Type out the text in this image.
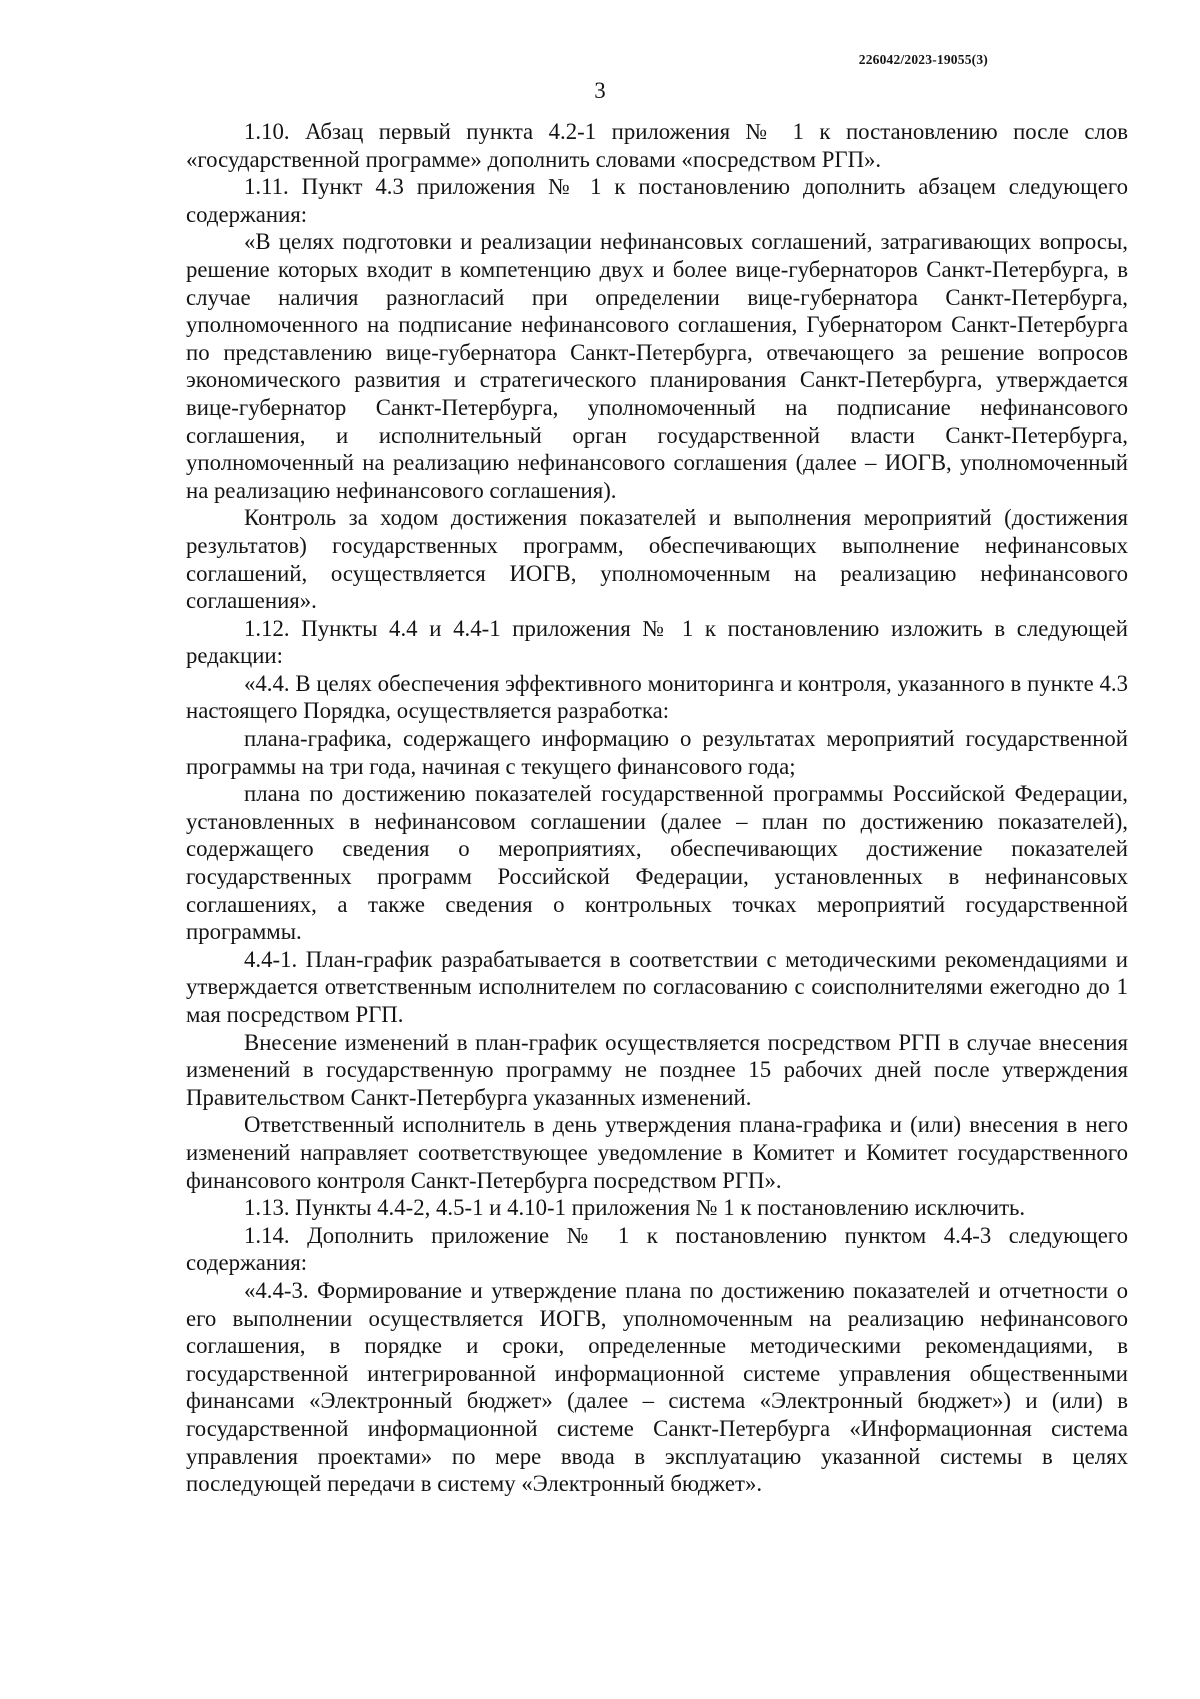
226042/2023-19055(3)
3

1.10. Абзац первый пункта 4.2-1 приложения № 1 к постановлению после слов «государственной программе» дополнить словами «посредством РГП».

1.11. Пункт 4.3 приложения № 1 к постановлению дополнить абзацем следующего содержания:

«В целях подготовки и реализации нефинансовых соглашений, затрагивающих вопросы, решение которых входит в компетенцию двух и более вице-губернаторов Санкт-Петербурга, в случае наличия разногласий при определении вице-губернатора Санкт-Петербурга, уполномоченного на подписание нефинансового соглашения, Губернатором Санкт-Петербурга по представлению вице-губернатора Санкт-Петербурга, отвечающего за решение вопросов экономического развития и стратегического планирования Санкт-Петербурга, утверждается вице-губернатор Санкт-Петербурга, уполномоченный на подписание нефинансового соглашения, и исполнительный орган государственной власти Санкт-Петербурга, уполномоченный на реализацию нефинансового соглашения (далее – ИОГВ, уполномоченный на реализацию нефинансового соглашения).

Контроль за ходом достижения показателей и выполнения мероприятий (достижения результатов) государственных программ, обеспечивающих выполнение нефинансовых соглашений, осуществляется ИОГВ, уполномоченным на реализацию нефинансового соглашения».

1.12. Пункты 4.4 и 4.4-1 приложения № 1 к постановлению изложить в следующей редакции:

«4.4. В целях обеспечения эффективного мониторинга и контроля, указанного в пункте 4.3 настоящего Порядка, осуществляется разработка:

плана-графика, содержащего информацию о результатах мероприятий государственной программы на три года, начиная с текущего финансового года;

плана по достижению показателей государственной программы Российской Федерации, установленных в нефинансовом соглашении (далее – план по достижению показателей), содержащего сведения о мероприятиях, обеспечивающих достижение показателей государственных программ Российской Федерации, установленных в нефинансовых соглашениях, а также сведения о контрольных точках мероприятий государственной программы.

4.4-1. План-график разрабатывается в соответствии с методическими рекомендациями и утверждается ответственным исполнителем по согласованию с соисполнителями ежегодно до 1 мая посредством РГП.

Внесение изменений в план-график осуществляется посредством РГП в случае внесения изменений в государственную программу не позднее 15 рабочих дней после утверждения Правительством Санкт-Петербурга указанных изменений.

Ответственный исполнитель в день утверждения плана-графика и (или) внесения в него изменений направляет соответствующее уведомление в Комитет и Комитет государственного финансового контроля Санкт-Петербурга посредством РГП».

1.13. Пункты 4.4-2, 4.5-1 и 4.10-1 приложения № 1 к постановлению исключить.

1.14. Дополнить приложение № 1 к постановлению пунктом 4.4-3 следующего содержания:

«4.4-3. Формирование и утверждение плана по достижению показателей и отчетности о его выполнении осуществляется ИОГВ, уполномоченным на реализацию нефинансового соглашения, в порядке и сроки, определенные методическими рекомендациями, в государственной интегрированной информационной системе управления общественными финансами «Электронный бюджет» (далее – система «Электронный бюджет») и (или) в государственной информационной системе Санкт-Петербурга «Информационная система управления проектами» по мере ввода в эксплуатацию указанной системы в целях последующей передачи в систему «Электронный бюджет».
